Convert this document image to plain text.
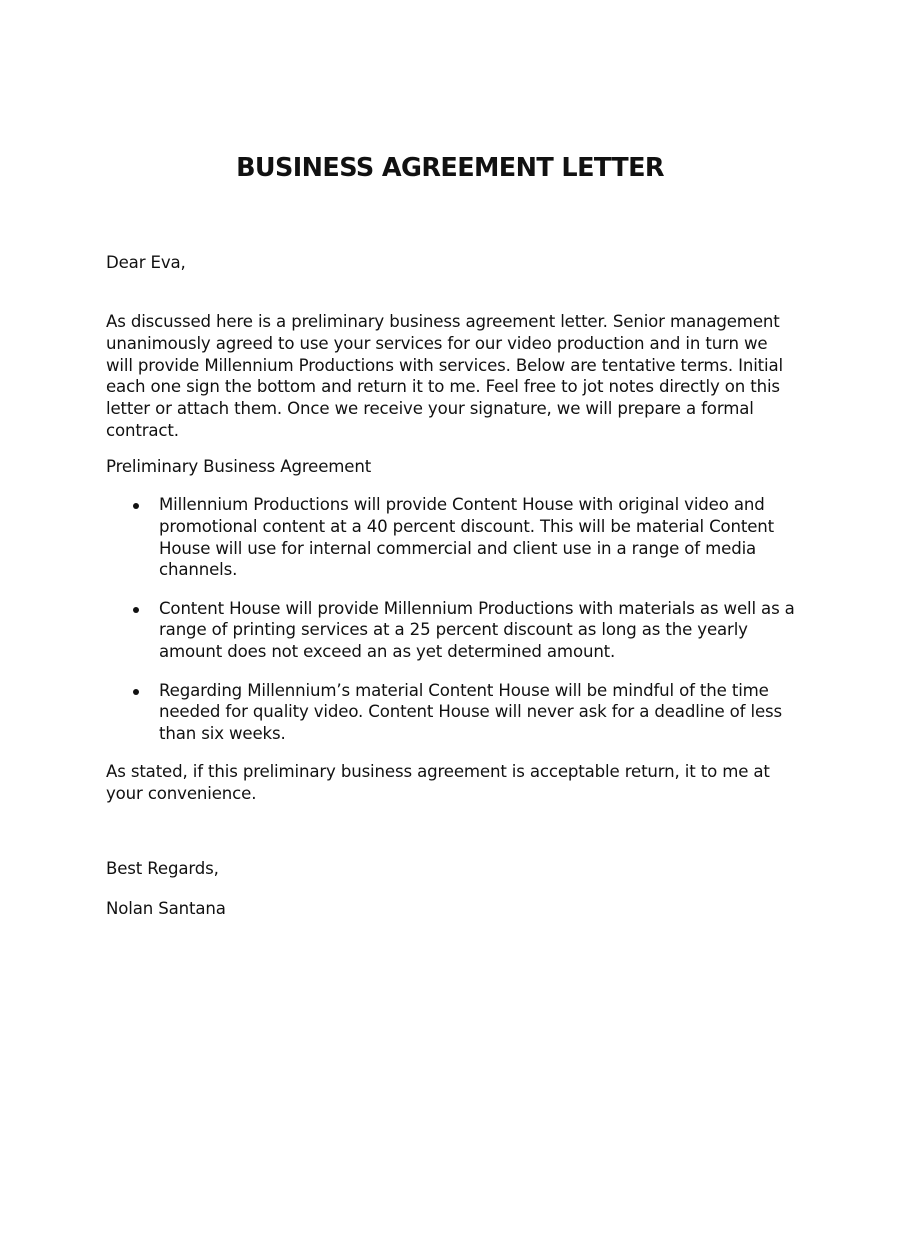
BUSINESS AGREEMENT LETTER

Dear Eva,

As discussed here is a preliminary business agreement letter. Senior management unanimously agreed to use your services for our video production and in turn we will provide Millennium Productions with services. Below are tentative terms. Initial each one sign the bottom and return it to me. Feel free to jot notes directly on this letter or attach them. Once we receive your signature, we will prepare a formal contract.

Preliminary Business Agreement

Millennium Productions will provide Content House with original video and promotional content at a 40 percent discount. This will be material Content House will use for internal commercial and client use in a range of media channels.
Content House will provide Millennium Productions with materials as well as a range of printing services at a 25 percent discount as long as the yearly amount does not exceed an as yet determined amount.
Regarding Millennium’s material Content House will be mindful of the time needed for quality video. Content House will never ask for a deadline of less than six weeks.

As stated, if this preliminary business agreement is acceptable return, it to me at your convenience.

Best Regards,

Nolan Santana
